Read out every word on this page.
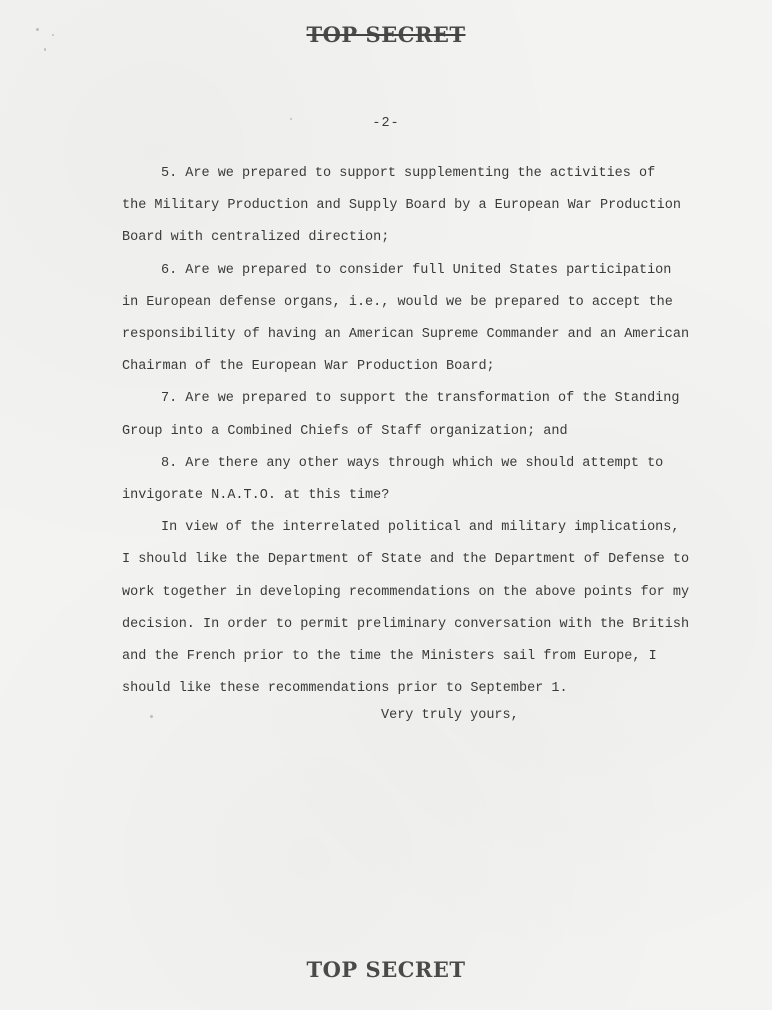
TOP SECRET
-2-

5. Are we prepared to support supplementing the activities of
the Military Production and Supply Board by a European War Production
Board with centralized direction;

6. Are we prepared to consider full United States participation
in European defense organs, i.e., would we be prepared to accept the
responsibility of having an American Supreme Commander and an American
Chairman of the European War Production Board;

7. Are we prepared to support the transformation of the Standing
Group into a Combined Chiefs of Staff organization; and

8. Are there any other ways through which we should attempt to
invigorate N.A.T.O. at this time?

In view of the interrelated political and military implications,
I should like the Department of State and the Department of Defense to
work together in developing recommendations on the above points for my
decision. In order to permit preliminary conversation with the British
and the French prior to the time the Ministers sail from Europe, I
should like these recommendations prior to September 1.

Very truly yours,
TOP SECRET
